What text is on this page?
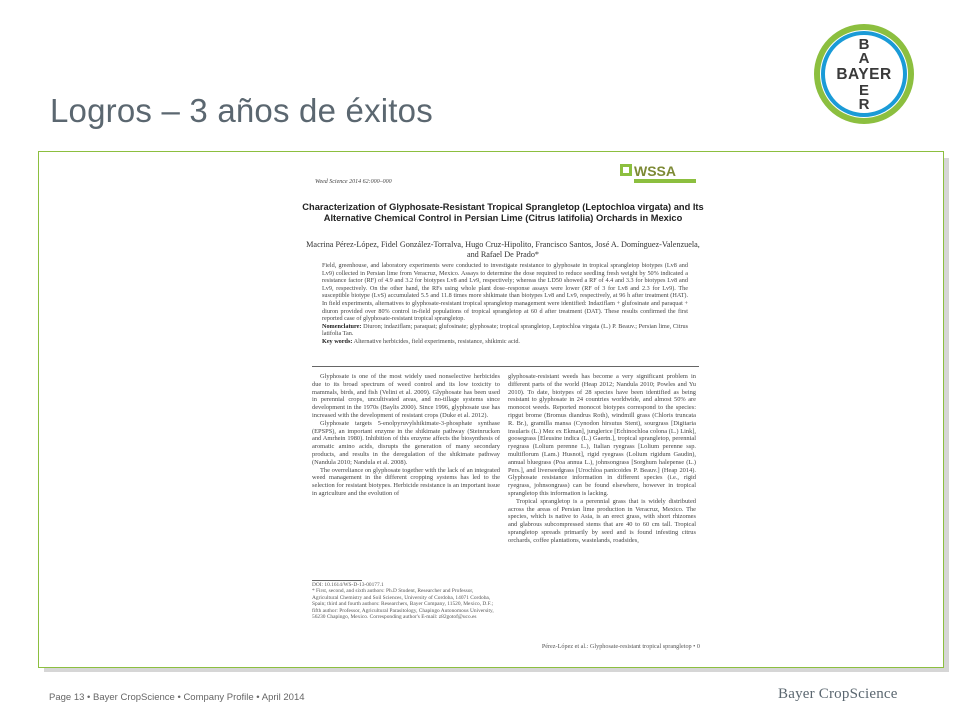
Logros – 3 años de éxitos
B
A
BAYER
E
R
Weed Science 2014 62:000–000
WSSA
Characterization of Glyphosate-Resistant Tropical Sprangletop (Leptochloa virgata) and Its Alternative Chemical Control in Persian Lime (Citrus latifolia) Orchards in Mexico
Macrina Pérez-López, Fidel González-Torralva, Hugo Cruz-Hipolito, Francisco Santos, José A. Domínguez-Valenzuela, and Rafael De Prado*
Field, greenhouse, and laboratory experiments were conducted to investigate resistance to glyphosate in tropical sprangletop biotypes (Lv8 and Lv9) collected in Persian lime from Veracruz, Mexico. Assays to determine the dose required to reduce seedling fresh weight by 50% indicated a resistance factor (RF) of 4.9 and 3.2 for biotypes Lv8 and Lv9, respectively; whereas the LD50 showed a RF of 4.4 and 3.3 for biotypes Lv8 and Lv9, respectively. On the other hand, the RFs using whole plant dose–response assays were lower (RF of 3 for Lv8 and 2.3 for Lv9). The susceptible biotype (LvS) accumulated 5.5 and 11.8 times more shikimate than biotypes Lv8 and Lv9, respectively, at 96 h after treatment (HAT). In field experiments, alternatives to glyphosate-resistant tropical sprangletop management were identified: Indaziflam + glufosinate and paraquat + diuron provided over 80% control in-field populations of tropical sprangletop at 60 d after treatment (DAT). These results confirmed the first reported case of glyphosate-resistant tropical sprangletop.
Nomenclature: Diuron; indaziflam; paraquat; glufosinate; glyphosate; tropical sprangletop, Leptochloa virgata (L.) P. Beauv.; Persian lime, Citrus latifolia Tan.
Key words: Alternative herbicides, field experiments, resistance, shikimic acid.

Glyphosate is one of the most widely used nonselective herbicides due to its broad spectrum of weed control and its low toxicity to mammals, birds, and fish (Velini et al. 2009). Glyphosate has been used in perennial crops, uncultivated areas, and no-tillage systems since development in the 1970s (Baylis 2000). Since 1996, glyphosate use has increased with the development of resistant crops (Duke et al. 2012).

Glyphosate targets 5-enolpyruvylshikimate-3-phosphate synthase (EPSPS), an important enzyme in the shikimate pathway (Steinrucken and Amrhein 1980). Inhibition of this enzyme affects the biosynthesis of aromatic amino acids, disrupts the generation of many secondary products, and results in the deregulation of the shikimate pathway (Nandula 2010; Nandula et al. 2008).

The overreliance on glyphosate together with the lack of an integrated weed management in the different cropping systems has led to the selection for resistant biotypes. Herbicide resistance is an important issue in agriculture and the evolution of

glyphosate-resistant weeds has become a very significant problem in different parts of the world (Heap 2012; Nandula 2010; Powles and Yu 2010). To date, biotypes of 28 species have been identified as being resistant to glyphosate in 24 countries worldwide, and almost 50% are monocot weeds. Reported monocot biotypes correspond to the species: ripgut brome (Bromus diandrus Roth), windmill grass (Chloris truncata R. Br.), gramilla mansa (Cynodon hirsutus Stent), sourgrass [Digitaria insularis (L.) Mez ex Ekman], junglerice [Echinochloa colona (L.) Link], goosegrass [Eleusine indica (L.) Gaertn.], tropical sprangletop, perennial ryegrass (Lolium perenne L.), Italian ryegrass [Lolium perenne ssp. multiflorum (Lam.) Husnot], rigid ryegrass (Lolium rigidum Gaudin), annual bluegrass (Poa annua L.), johnsongrass [Sorghum halepense (L.) Pers.], and liverseedgrass [Urochloa panicoides P. Beauv.] (Heap 2014). Glyphosate resistance information in different species (i.e., rigid ryegrass, johnsongrass) can be found elsewhere, however in tropical sprangletop this information is lacking.

Tropical sprangletop is a perennial grass that is widely distributed across the areas of Persian lime production in Veracruz, Mexico. The species, which is native to Asia, is an erect grass, with short rhizomes and glabrous subcompressed stems that are 40 to 60 cm tall. Tropical sprangletop spreads primarily by seed and is found infesting citrus orchards, coffee plantations, wastelands, roadsides,

DOI: 10.1614/WS-D-13-00177.1
* First, second, and sixth authors: Ph.D Student, Researcher and Professor, Agricultural Chemistry and Soil Sciences, University of Cordoba, 14071 Cordoba, Spain; third and fourth authors: Researchers, Bayer Company, 11520, Mexico, D.F.; fifth author: Professor, Agricultural Parasitology, Chapingo Autonomous University, 56230 Chapingo, Mexico. Corresponding author's E-mail: z82gotof@uco.es
Pérez-López et al.: Glyphosate-resistant tropical sprangletop • 0
Page 13 • Bayer CropScience • Company Profile • April 2014	Bayer CropScience
